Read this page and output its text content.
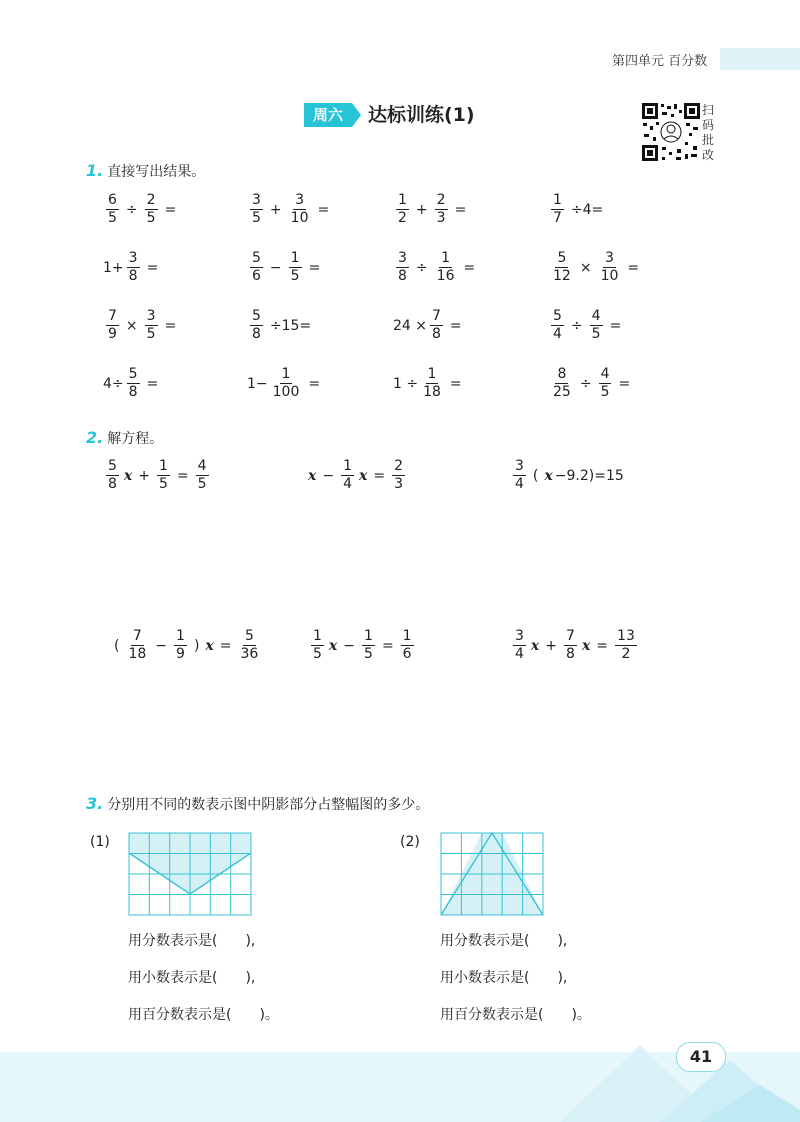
第四单元 百分数
周六	达标训练(1)	扫码批改
1. 直接写出结果。
$\frac{6}{5} \div \frac{2}{5}$ =	$\frac{3}{5} + \frac{3}{10}$ =	$\frac{1}{2} + \frac{2}{3}$ =	$\frac{1}{7} \div 4=$
$1+ \frac{3}{8}$ =	$\frac{5}{6} - \frac{1}{5}$ =	$\frac{3}{8} \div \frac{1}{16}$ =	$\frac{5}{12} \times \frac{3}{10}$ =
$\frac{7}{9} \times \frac{3}{5}$ =	$\frac{5}{8} \div 15=$	$24 \times \frac{7}{8}$ =	$\frac{5}{4} \div \frac{4}{5}$ =
$4\div \frac{5}{8}$ =	$1- \frac{1}{100}$ =	$1 \div \frac{1}{18}$ =	$\frac{8}{25} \div \frac{4}{5}$ =
2. 解方程。
$\frac{5}{8}$ $x + \frac{1}{5} = \frac{4}{5}$	$x - \frac{1}{4}$ $x = \frac{2}{3}$	$\frac{3}{4}$ ( x −9.2) =15
( $\frac{7}{18} - \frac{1}{9}$ ) $x = \frac{5}{36}$	$\frac{1}{5}$ $x - \frac{1}{5} = \frac{1}{6}$	$\frac{3}{4}$ $x + \frac{7}{8}$ $x = \frac{13}{2}$
3. 分别用不同的数表示图中阴影部分占整幅图的多少。
(1)	(2)
用分数表示是(　　),
用小数表示是(　　),
用百分数表示是(　　)。
用分数表示是(　　),
用小数表示是(　　),
用百分数表示是(　　)。
41
